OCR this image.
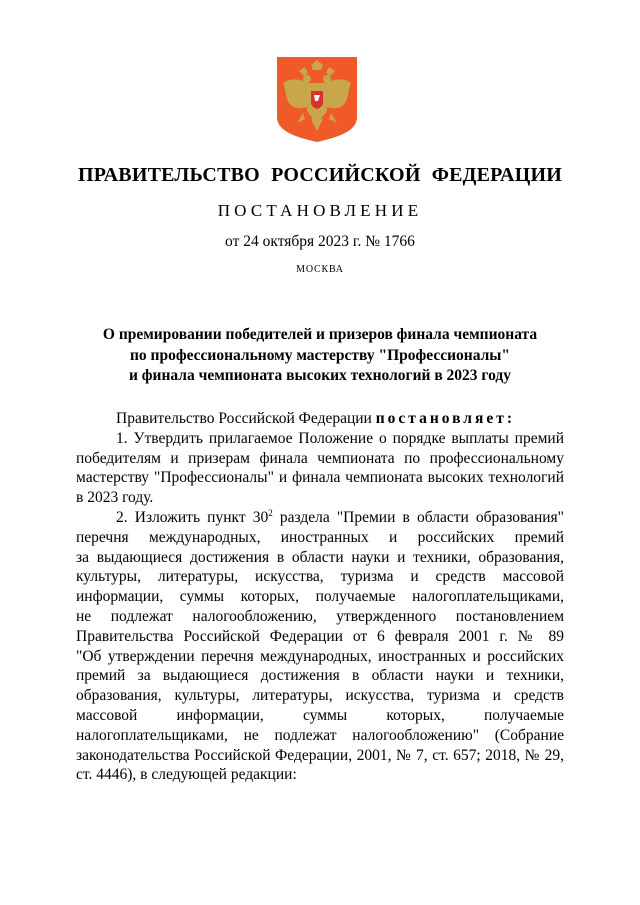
ПРАВИТЕЛЬСТВО РОССИЙСКОЙ ФЕДЕРАЦИИ
ПОСТАНОВЛЕНИЕ
от 24 октября 2023 г. № 1766
МОСКВА
О премировании победителей и призеров финала чемпионата
по профессиональному мастерству "Профессионалы"
и финала чемпионата высоких технологий в 2023 году
Правительство Российской Федерации постановляет:
1. Утвердить прилагаемое Положение о порядке выплаты премий
победителям и призерам финала чемпионата по профессиональному
мастерству "Профессионалы" и финала чемпионата высоких технологий
в 2023 году.
2. Изложить пункт $30^2$ раздела "Премии в области образования"
перечня международных, иностранных и российских премий
за выдающиеся достижения в области науки и техники, образования,
культуры, литературы, искусства, туризма и средств массовой
информации, суммы которых, получаемые налогоплательщиками,
не подлежат налогообложению, утвержденного постановлением
Правительства Российской Федерации от 6 февраля 2001 г. № 89
"Об утверждении перечня международных, иностранных и российских
премий за выдающиеся достижения в области науки и техники,
образования, культуры, литературы, искусства, туризма и средств
массовой информации, суммы которых, получаемые
налогоплательщиками, не подлежат налогообложению" (Собрание
законодательства Российской Федерации, 2001, № 7, ст. 657; 2018, № 29,
ст. 4446), в следующей редакции:
